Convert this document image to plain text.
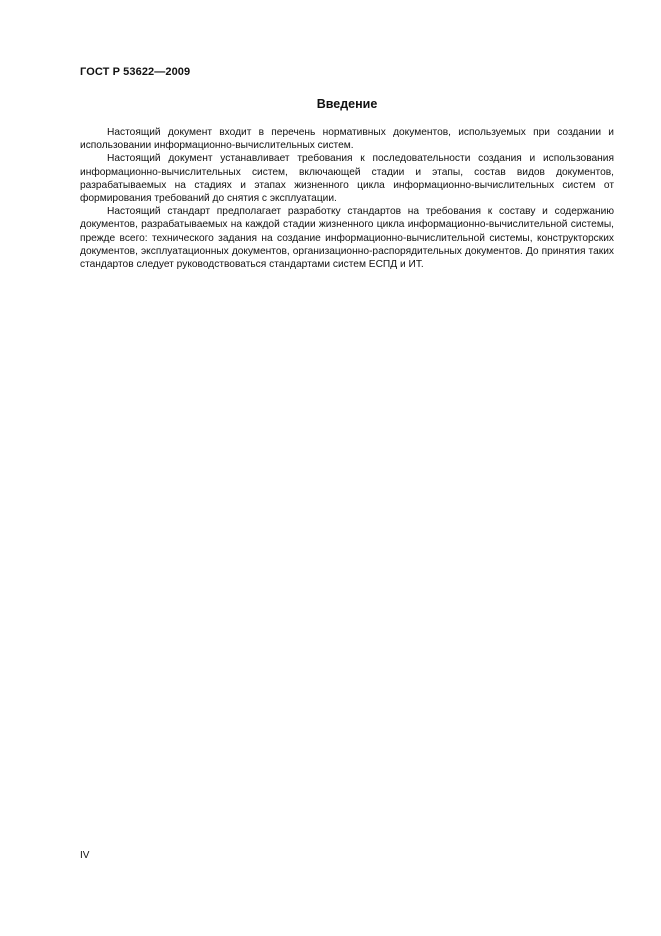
ГОСТ Р 53622—2009
Введение

Настоящий документ входит в перечень нормативных документов, используемых при создании и использовании информационно-вычислительных систем.

Настоящий документ устанавливает требования к последовательности создания и использования информационно-вычислительных систем, включающей стадии и этапы, состав видов документов, разрабатываемых на стадиях и этапах жизненного цикла информационно-вычислительных систем от формирования требований до снятия с эксплуатации.

Настоящий стандарт предполагает разработку стандартов на требования к составу и содержанию документов, разрабатываемых на каждой стадии жизненного цикла информационно-вычислительной системы, прежде всего: технического задания на создание информационно-вычислительной системы, конструкторских документов, эксплуатационных документов, организационно-распорядительных документов. До принятия таких стандартов следует руководствоваться стандартами систем ЕСПД и ИТ.

IV
